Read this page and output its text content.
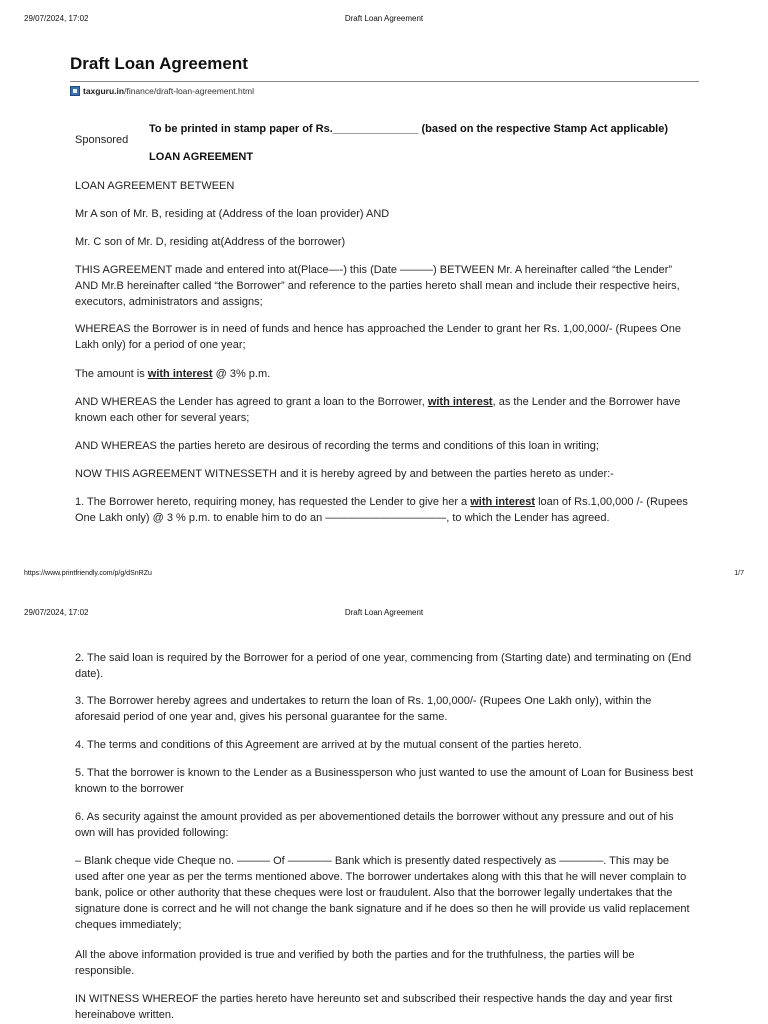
29/07/2024, 17:02	Draft Loan Agreement
Draft Loan Agreement
taxguru.in/finance/draft-loan-agreement.html
Sponsored
To be printed in stamp paper of Rs.______________ (based on the respective Stamp Act applicable)
LOAN AGREEMENT

LOAN AGREEMENT BETWEEN

Mr A son of Mr. B, residing at (Address of the loan provider) AND

Mr. C son of Mr. D, residing at(Address of the borrower)

THIS AGREEMENT made and entered into at(Place—-) this (Date ———) BETWEEN Mr. A hereinafter called “the Lender” AND Mr.B hereinafter called “the Borrower” and reference to the parties hereto shall mean and include their respective heirs, executors, administrators and assigns;

WHEREAS the Borrower is in need of funds and hence has approached the Lender to grant her Rs. 1,00,000/- (Rupees One Lakh only) for a period of one year;

The amount is with interest @ 3% p.m.

AND WHEREAS the Lender has agreed to grant a loan to the Borrower, with interest, as the Lender and the Borrower have known each other for several years;

AND WHEREAS the parties hereto are desirous of recording the terms and conditions of this loan in writing;

NOW THIS AGREEMENT WITNESSETH and it is hereby agreed by and between the parties hereto as under:-

1. The Borrower hereto, requiring money, has requested the Lender to give her a with interest loan of Rs.1,00,000 /- (Rupees One Lakh only) @ 3 % p.m. to enable him to do an ———————————, to which the Lender has agreed.

https://www.printfriendly.com/p/g/dSnRZu	1/7
29/07/2024, 17:02	Draft Loan Agreement

2. The said loan is required by the Borrower for a period of one year, commencing from (Starting date) and terminating on (End date).

3. The Borrower hereby agrees and undertakes to return the loan of Rs. 1,00,000/- (Rupees One Lakh only), within the aforesaid period of one year and, gives his personal guarantee for the same.

4. The terms and conditions of this Agreement are arrived at by the mutual consent of the parties hereto.

5. That the borrower is known to the Lender as a Businessperson who just wanted to use the amount of Loan for Business best known to the borrower

6. As security against the amount provided as per abovementioned details the borrower without any pressure and out of his own will has provided following:

– Blank cheque vide Cheque no. ——— Of ———— Bank which is presently dated respectively as ————. This may be used after one year as per the terms mentioned above. The borrower undertakes along with this that he will never complain to bank, police or other authority that these cheques were lost or fraudulent. Also that the borrower legally undertakes that the signature done is correct and he will not change the bank signature and if he does so then he will provide us valid replacement cheques immediately;

All the above information provided is true and verified by both the parties and for the truthfulness, the parties will be responsible.

IN WITNESS WHEREOF the parties hereto have hereunto set and subscribed their respective hands the day and year first hereinabove written.
